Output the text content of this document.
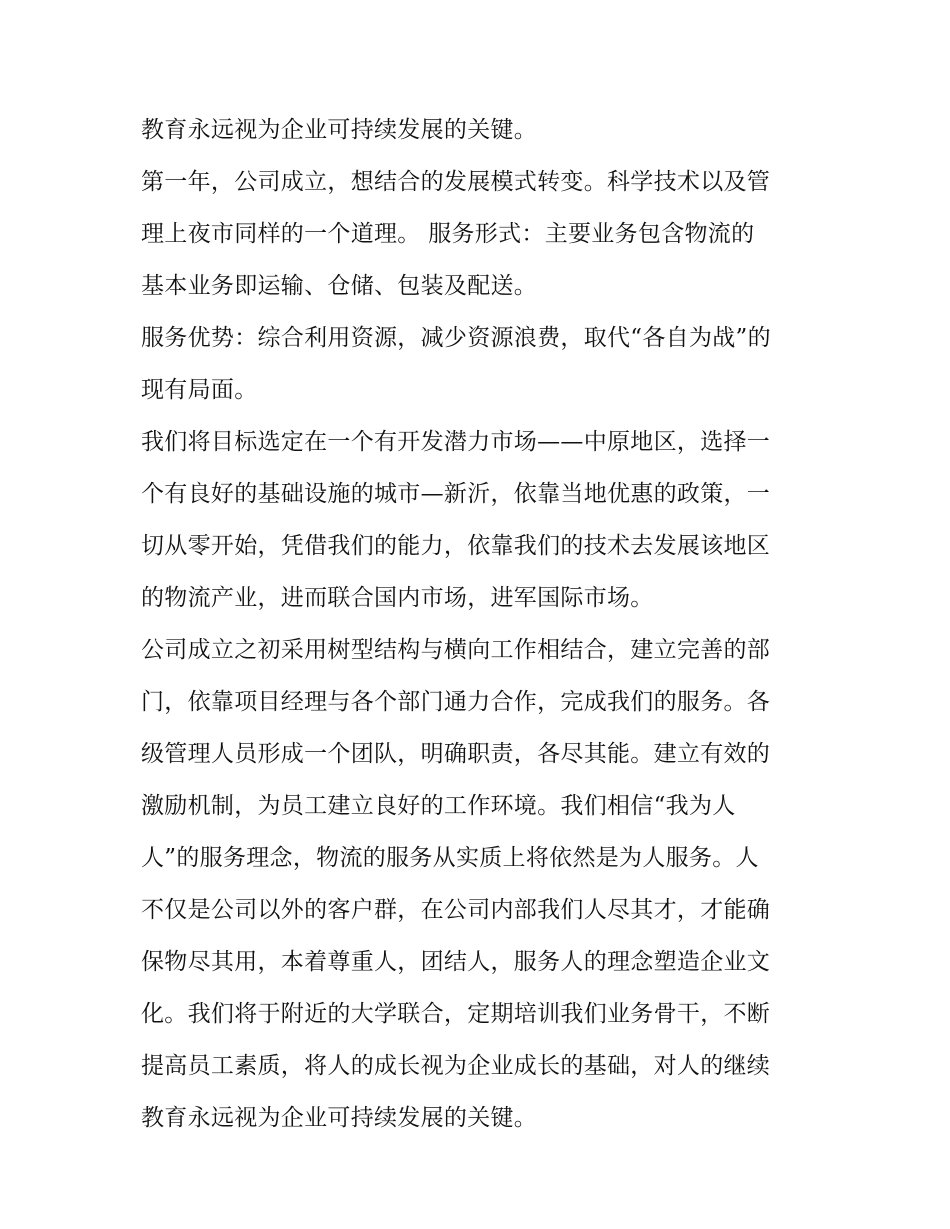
教育永远视为企业可持续发展的关键。
第一年，公司成立，想结合的发展模式转变。科学技术以及管
理上夜市同样的一个道理。 服务形式：主要业务包含物流的
基本业务即运输、仓储、包装及配送。
服务优势：综合利用资源，减少资源浪费，取代“各自为战”的
现有局面。
我们将目标选定在一个有开发潜力市场——中原地区，选择一
个有良好的基础设施的城市—新沂，依靠当地优惠的政策，一
切从零开始，凭借我们的能力，依靠我们的技术去发展该地区
的物流产业，进而联合国内市场，进军国际市场。
公司成立之初采用树型结构与横向工作相结合，建立完善的部
门，依靠项目经理与各个部门通力合作，完成我们的服务。各
级管理人员形成一个团队，明确职责，各尽其能。建立有效的
激励机制，为员工建立良好的工作环境。我们相信“我为人
人”的服务理念，物流的服务从实质上将依然是为人服务。人
不仅是公司以外的客户群，在公司内部我们人尽其才，才能确
保物尽其用，本着尊重人，团结人，服务人的理念塑造企业文
化。我们将于附近的大学联合，定期培训我们业务骨干，不断
提高员工素质，将人的成长视为企业成长的基础，对人的继续
教育永远视为企业可持续发展的关键。
